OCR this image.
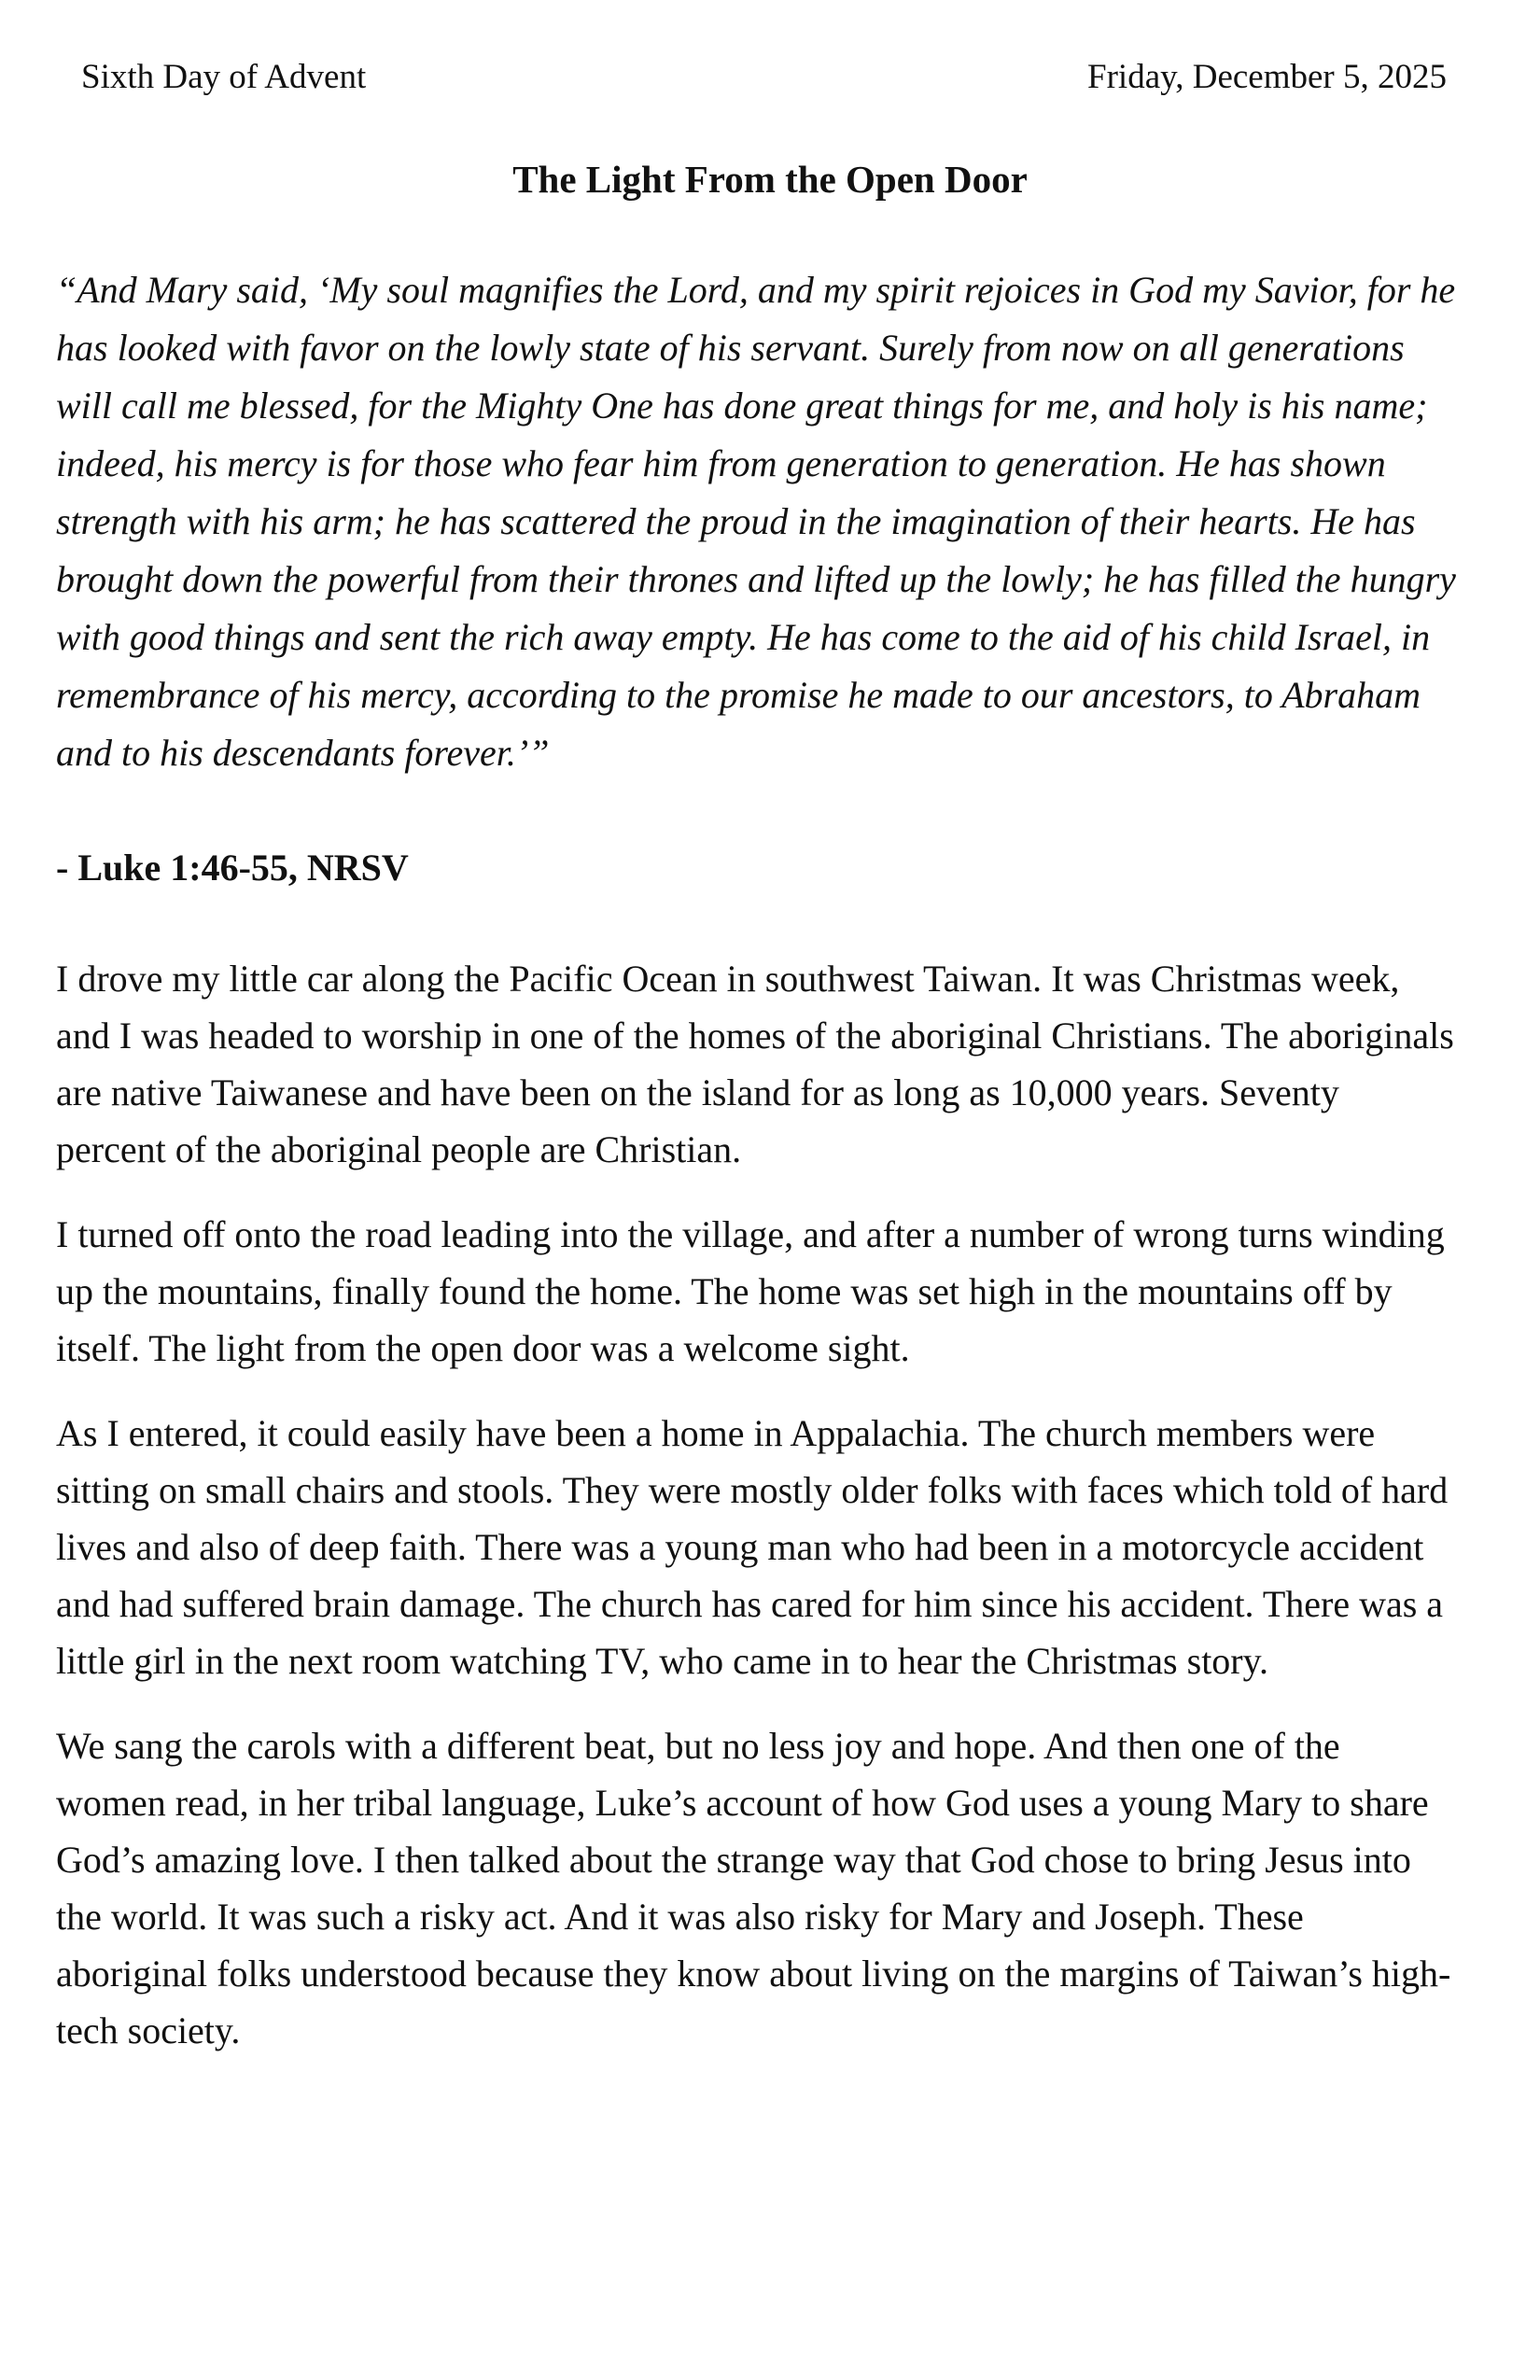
Sixth Day of Advent	Friday, December 5, 2025
The Light From the Open Door
“And Mary said, ‘My soul magnifies the Lord, and my spirit rejoices in God my Savior, for he has looked with favor on the lowly state of his servant. Surely from now on all generations will call me blessed, for the Mighty One has done great things for me, and holy is his name; indeed, his mercy is for those who fear him from generation to generation. He has shown strength with his arm; he has scattered the proud in the imagination of their hearts. He has brought down the powerful from their thrones and lifted up the lowly; he has filled the hungry with good things and sent the rich away empty. He has come to the aid of his child Israel, in remembrance of his mercy, according to the promise he made to our ancestors, to Abraham and to his descendants forever.’”
- Luke 1:46-55, NRSV

I drove my little car along the Pacific Ocean in southwest Taiwan. It was Christmas week, and I was headed to worship in one of the homes of the aboriginal Christians. The aboriginals are native Taiwanese and have been on the island for as long as 10,000 years. Seventy percent of the aboriginal people are Christian.

I turned off onto the road leading into the village, and after a number of wrong turns winding up the mountains, finally found the home. The home was set high in the mountains off by itself. The light from the open door was a welcome sight.

As I entered, it could easily have been a home in Appalachia. The church members were sitting on small chairs and stools. They were mostly older folks with faces which told of hard lives and also of deep faith. There was a young man who had been in a motorcycle accident and had suffered brain damage. The church has cared for him since his accident. There was a little girl in the next room watching TV, who came in to hear the Christmas story.

We sang the carols with a different beat, but no less joy and hope. And then one of the women read, in her tribal language, Luke’s account of how God uses a young Mary to share God’s amazing love. I then talked about the strange way that God chose to bring Jesus into the world. It was such a risky act. And it was also risky for Mary and Joseph. These aboriginal folks understood because they know about living on the margins of Taiwan’s high-tech society.
